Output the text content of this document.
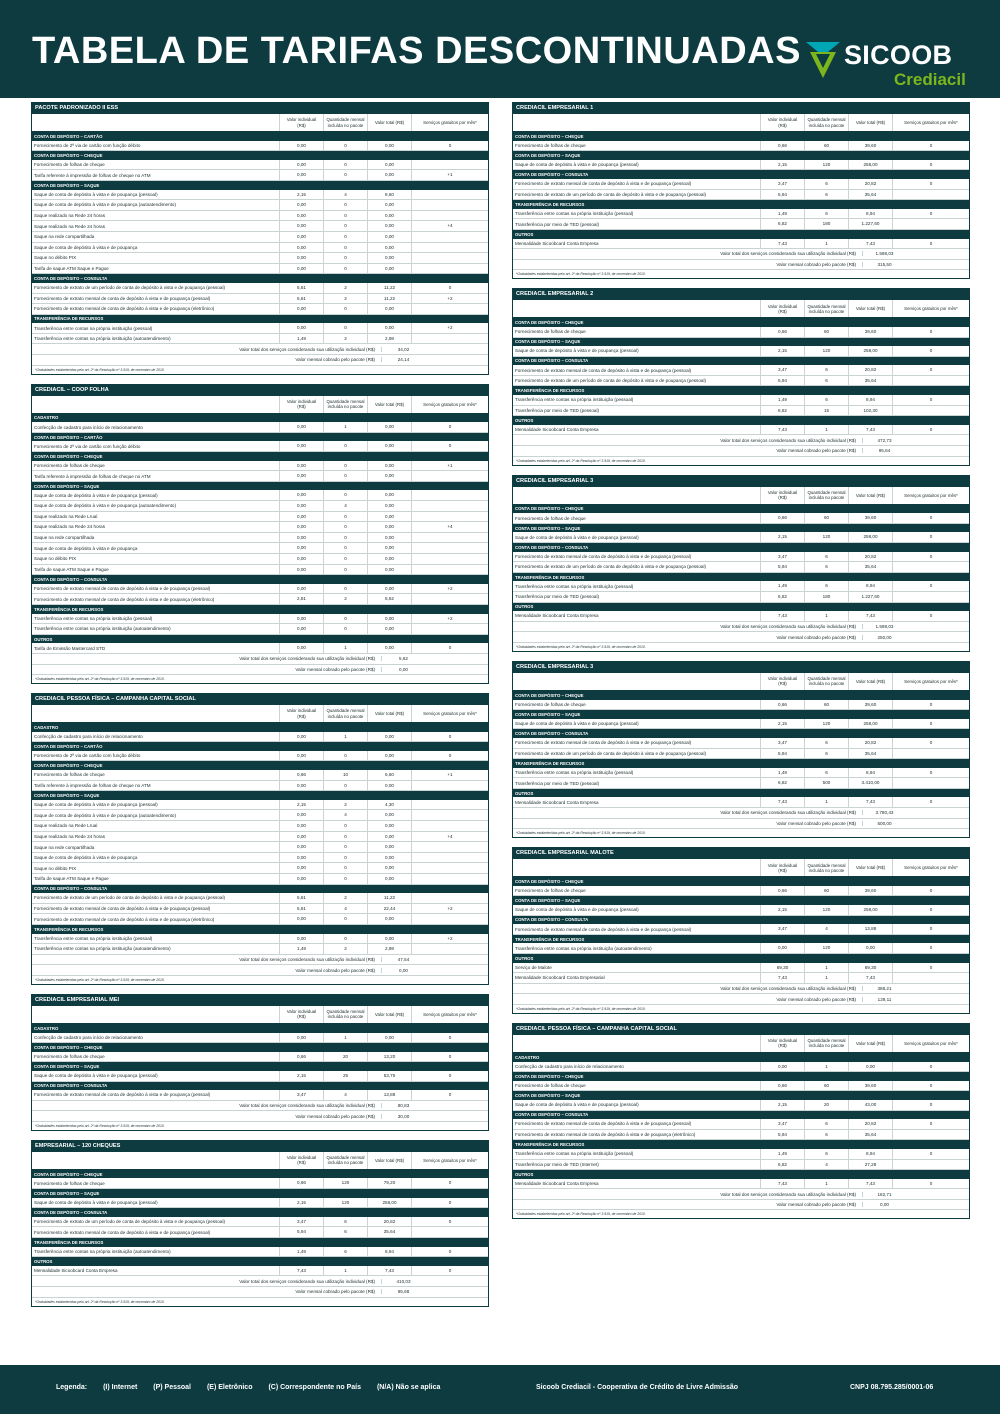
TABELA DE TARIFAS DESCONTINUADAS SICOOB
Crediacil
PACOTE PADRONIZADO II ESS
Valor individual (R$)
Quantidade mensal incluída no pacote
Valor total (R$)	Serviços gratuitos por mês*
CONTA DE DEPÓSITO – CARTÃO
Fornecimento de 2ª via de cartão com função débito	0,00	0	0,00	0
CONTA DE DEPÓSITO – CHEQUE
Fornecimento de folhas de cheque	0,00	0	0,00
Tarifa referente à impressão de folhas de cheque no ATM	0,00	0	0,00	+1
CONTA DE DEPÓSITO – SAQUE
Saque de conta de depósito à vista e de poupança (pessoal)	2,15	4	8,60
Saque de conta de depósito à vista e de poupança (autoatendimento)	0,00	0	0,00
Saque realizado na Rede 24 horas	0,00	0	0,00
Saque realizado na Rede 24 horas	0,00	0	0,00	+4
Saque na rede compartilhada	0,00	0	0,00
Saque de conta de depósito à vista e de poupança	0,00	0	0,00
Saque no débito PIX	0,00	0	0,00
Tarifa de saque ATM Saque e Pague	0,00	0	0,00
CONTA DE DEPÓSITO – CONSULTA
Fornecimento de extrato de um período de conta de depósito à vista e de poupança (pessoal)	5,61	2	11,22	0
Fornecimento de extrato mensal de conta de depósito à vista e de poupança (pessoal)	5,61	2	11,22	+2
Fornecimento de extrato mensal de conta de depósito à vista e de poupança (eletrônico)	0,00	0	0,00
TRANSFERÊNCIA DE RECURSOS
Transferência entre contas na própria instituição (pessoal)	0,00	0	0,00	+2
Transferência entre contas na própria instituição (autoatendimento)	1,49	2	2,98
Valor total dos serviços considerando sua utilização individual (R$)	34,02
Valor mensal cobrado pelo pacote (R$)	24,14
*Gratuidades estabelecidas pelo art. 2º da Resolução nº 3.919, de novembro de 2010.
CREDIACIL – COOP FOLHA
Valor individual (R$)
Quantidade mensal incluída no pacote
Valor total (R$)	Serviços gratuitos por mês*
CADASTRO
Confecção de cadastro para início de relacionamento	0,00	1	0,00	0
CONTA DE DEPÓSITO – CARTÃO
Fornecimento de 2ª via de cartão com função débito	0,00	0	0,00	0
CONTA DE DEPÓSITO – CHEQUE
Fornecimento de folhas de cheque	0,00	0	0,00	+1
Tarifa referente à impressão de folhas de cheque no ATM	0,00	0	0,00
CONTA DE DEPÓSITO – SAQUE
Saque de conta de depósito à vista e de poupança (pessoal)	0,00	0	0,00
Saque de conta de depósito à vista e de poupança (autoatendimento)	0,00	4	0,00
Saque realizado na Rede Lrual	0,00	0	0,00
Saque realizado na Rede 24 horas	0,00	0	0,00	+4
Saque na rede compartilhada	0,00	0	0,00
Saque de conta de depósito à vista e de poupança	0,00	0	0,00
Saque no débito PIX	0,00	0	0,00
Tarifa de saque ATM Saque e Pague	0,00	0	0,00
CONTA DE DEPÓSITO – CONSULTA
Fornecimento de extrato mensal de conta de depósito à vista e de poupança (pessoal)	0,00	0	0,00	+2
Fornecimento de extrato mensal de conta de depósito à vista e de poupança (eletrônico)	2,81	2	5,62
TRANSFERÊNCIA DE RECURSOS
Transferência entre contas na própria instituição (pessoal)	0,00	0	0,00	+2
Transferência entre contas na própria instituição (autoatendimento)	0,00	0	0,00
OUTROS
Tarifa de Emissão Mastercard STD	0,00	1	0,00	0
Valor total dos serviços considerando sua utilização individual (R$)	5,62
Valor mensal cobrado pelo pacote (R$)	0,00
*Gratuidades estabelecidas pelo art. 2º da Resolução nº 3.919, de novembro de 2010.
CREDIACIL PESSOA FÍSICA – CAMPANHA CAPITAL SOCIAL
Valor individual (R$)
Quantidade mensal incluída no pacote
Valor total (R$)	Serviços gratuitos por mês*
CADASTRO
Confecção de cadastro para início de relacionamento	0,00	1	0,00	0
CONTA DE DEPÓSITO – CARTÃO
Fornecimento de 2ª via de cartão com função débito	0,00	0	0,00	0
CONTA DE DEPÓSITO – CHEQUE
Fornecimento de folhas de cheque	0,66	10	6,60	+1
Tarifa referente à impressão de folhas de cheque no ATM	0,00	0	0,00
CONTA DE DEPÓSITO – SAQUE
Saque de conta de depósito à vista e de poupança (pessoal)	2,15	2	4,30
Saque de conta de depósito à vista e de poupança (autoatendimento)	0,00	4	0,00
Saque realizado na Rede Lrual	0,00	0	0,00
Saque realizado na Rede 24 horas	0,00	0	0,00	+4
Saque na rede compartilhada	0,00	0	0,00
Saque de conta de depósito à vista e de poupança	0,00	0	0,00
Saque no débito PIX	0,00	0	0,00
Tarifa de saque ATM Saque e Pague	0,00	0	0,00
CONTA DE DEPÓSITO – CONSULTA
Fornecimento de extrato de um período de conta de depósito à vista e de poupança (pessoal)	5,61	2	11,22
Fornecimento de extrato mensal de conta de depósito à vista e de poupança (pessoal)	5,61	4	22,44	+2
Fornecimento de extrato mensal de conta de depósito à vista e de poupança (eletrônico)	0,00	0	0,00
TRANSFERÊNCIA DE RECURSOS
Transferência entre contas na própria instituição (pessoal)	0,00	0	0,00	+2
Transferência entre contas na própria instituição (autoatendimento)	1,49	2	2,98
Valor total dos serviços considerando sua utilização individual (R$)	47,54
Valor mensal cobrado pelo pacote (R$)	0,00
*Gratuidades estabelecidas pelo art. 2º da Resolução nº 3.919, de novembro de 2010.
CREDIACIL EMPRESARIAL MEI
Valor individual (R$)
Quantidade mensal incluída no pacote
Valor total (R$)	Serviços gratuitos por mês*
CADASTRO
Confecção de cadastro para início de relacionamento	0,00	1	0,00	0
CONTA DE DEPÓSITO – CHEQUE
Fornecimento de folhas de cheque	0,66	20	13,20	0
CONTA DE DEPÓSITO – SAQUE
Saque de conta de depósito à vista e de poupança (pessoal)	2,15	25	53,75	0
CONTA DE DEPÓSITO – CONSULTA
Fornecimento de extrato mensal de conta de depósito à vista e de poupança (pessoal)	3,47	4	13,88	0
Valor total dos serviços considerando sua utilização individual (R$)	80,83
Valor mensal cobrado pelo pacote (R$)	30,00
*Gratuidades estabelecidas pelo art. 2º da Resolução nº 3.919, de novembro de 2010.
EMPRESARIAL – 120 CHEQUES
Valor individual (R$)
Quantidade mensal incluída no pacote
Valor total (R$)	Serviços gratuitos por mês*
CONTA DE DEPÓSITO – CHEQUE
Fornecimento de folhas de cheque	0,66	120	79,20	0
CONTA DE DEPÓSITO – SAQUE
Saque de conta de depósito à vista e de poupança (pessoal)	2,15	120	258,00	0
CONTA DE DEPÓSITO – CONSULTA
Fornecimento de extrato de um período de conta de depósito à vista e de poupança (pessoal)	3,47	6	20,82	0
Fornecimento de extrato mensal de conta de depósito à vista e de poupança (pessoal)	5,94	6	35,64
TRANSFERÊNCIA DE RECURSOS
Transferência entre contas na própria instituição (autoatendimento)	1,49	6	8,94	0
OUTROS
Mensalidade Sicoobcard Conta Empresa	7,43	1	7,43	0
Valor total dos serviços considerando sua utilização individual (R$)	410,03
Valor mensal cobrado pelo pacote (R$)	95,68
*Gratuidades estabelecidas pelo art. 2º da Resolução nº 3.919, de novembro de 2010.
CREDIACIL EMPRESARIAL 1
Valor individual (R$)
Quantidade mensal incluída no pacote
Valor total (R$)	Serviços gratuitos por mês*
CONTA DE DEPÓSITO – CHEQUE
Fornecimento de folhas de cheque	0,66	60	39,60	0
CONTA DE DEPÓSITO – SAQUE
Saque de conta de depósito à vista e de poupança (pessoal)	2,15	120	258,00	0
CONTA DE DEPÓSITO – CONSULTA
Fornecimento de extrato mensal de conta de depósito à vista e de poupança (pessoal)	3,47	6	20,82	0
Fornecimento de extrato de um período de conta de depósito à vista e de poupança (pessoal)	5,94	6	35,64
TRANSFERÊNCIA DE RECURSOS
Transferência entre contas na própria instituição (pessoal)	1,49	6	8,94	0
Transferência por meio de TED (pessoal)	6,82	180	1.227,60
OUTROS
Mensalidade Sicoobcard Conta Empresa	7,43	1	7,43	0
Valor total dos serviços considerando sua utilização individual (R$)	1.598,03
Valor mensal cobrado pelo pacote (R$)	315,50
*Gratuidades estabelecidas pelo art. 2º da Resolução nº 3.919, de novembro de 2010.
CREDIACIL EMPRESARIAL 2
Valor individual (R$)
Quantidade mensal incluída no pacote
Valor total (R$)	Serviços gratuitos por mês*
CONTA DE DEPÓSITO – CHEQUE
Fornecimento de folhas de cheque	0,66	60	39,60	0
CONTA DE DEPÓSITO – SAQUE
Saque de conta de depósito à vista e de poupança (pessoal)	2,15	120	258,00	0
CONTA DE DEPÓSITO – CONSULTA
Fornecimento de extrato mensal de conta de depósito à vista e de poupança (pessoal)	3,47	6	20,82	0
Fornecimento de extrato de um período de conta de depósito à vista e de poupança (pessoal)	5,94	6	35,64
TRANSFERÊNCIA DE RECURSOS
Transferência entre contas na própria instituição (pessoal)	1,49	6	8,94	0
Transferência por meio de TED (pessoal)	6,82	15	102,30
OUTROS
Mensalidade Sicoobcard Conta Empresa	7,43	1	7,43	0
Valor total dos serviços considerando sua utilização individual (R$)	472,73
Valor mensal cobrado pelo pacote (R$)	95,64
*Gratuidades estabelecidas pelo art. 2º da Resolução nº 3.919, de novembro de 2010.
CREDIACIL EMPRESARIAL 3
Valor individual (R$)
Quantidade mensal incluída no pacote
Valor total (R$)	Serviços gratuitos por mês*
CONTA DE DEPÓSITO – CHEQUE
Fornecimento de folhas de cheque	0,66	60	39,60	0
CONTA DE DEPÓSITO – SAQUE
Saque de conta de depósito à vista e de poupança (pessoal)	2,15	120	258,00	0
CONTA DE DEPÓSITO – CONSULTA
Fornecimento de extrato mensal de conta de depósito à vista e de poupança (pessoal)	3,47	6	20,82	0
Fornecimento de extrato de um período de conta de depósito à vista e de poupança (pessoal)	5,94	6	35,64
TRANSFERÊNCIA DE RECURSOS
Transferência entre contas na própria instituição (pessoal)	1,49	6	8,94	0
Transferência por meio de TED (pessoal)	6,82	180	1.227,60
OUTROS
Mensalidade Sicoobcard Conta Empresa	7,43	1	7,43	0
Valor total dos serviços considerando sua utilização individual (R$)	1.598,03
Valor mensal cobrado pelo pacote (R$)	250,00
*Gratuidades estabelecidas pelo art. 2º da Resolução nº 3.919, de novembro de 2010.
CREDIACIL EMPRESARIAL 3
Valor individual (R$)
Quantidade mensal incluída no pacote
Valor total (R$)	Serviços gratuitos por mês*
CONTA DE DEPÓSITO – CHEQUE
Fornecimento de folhas de cheque	0,66	60	39,60	0
CONTA DE DEPÓSITO – SAQUE
Saque de conta de depósito à vista e de poupança (pessoal)	2,15	120	258,00	0
CONTA DE DEPÓSITO – CONSULTA
Fornecimento de extrato mensal de conta de depósito à vista e de poupança (pessoal)	3,47	6	20,82	0
Fornecimento de extrato de um período de conta de depósito à vista e de poupança (pessoal)	5,94	6	35,64
TRANSFERÊNCIA DE RECURSOS
Transferência entre contas na própria instituição (pessoal)	1,49	6	8,94	0
Transferência por meio de TED (pessoal)	6,82	500	3.410,00
OUTROS
Mensalidade Sicoobcard Conta Empresa	7,43	1	7,43	0
Valor total dos serviços considerando sua utilização individual (R$)	3.780,43
Valor mensal cobrado pelo pacote (R$)	500,00
*Gratuidades estabelecidas pelo art. 2º da Resolução nº 3.919, de novembro de 2010.
CREDIACIL EMPRESARIAL MALOTE
Valor individual (R$)
Quantidade mensal incluída no pacote
Valor total (R$)	Serviços gratuitos por mês*
CONTA DE DEPÓSITO – CHEQUE
Fornecimento de folhas de cheque	0,66	60	39,60	0
CONTA DE DEPÓSITO – SAQUE
Saque de conta de depósito à vista e de poupança (pessoal)	2,15	120	258,00	0
CONTA DE DEPÓSITO – CONSULTA
Fornecimento de extrato mensal de conta de depósito à vista e de poupança (pessoal)	3,47	4	13,88	0
TRANSFERÊNCIA DE RECURSOS
Transferência entre contas na própria instituição (autoatendimento)	0,00	120	0,00	0
OUTROS
Serviço de Malote	69,30	1	69,30	0
Mensalidade Sicoobcard Conta Empresarial	7,43	1	7,43
Valor total dos serviços considerando sua utilização individual (R$)	388,21
Valor mensal cobrado pelo pacote (R$)	129,11
*Gratuidades estabelecidas pelo art. 2º da Resolução nº 3.919, de novembro de 2010.
CREDIACIL PESSOA FÍSICA – CAMPANHA CAPITAL SOCIAL
Valor individual (R$)
Quantidade mensal incluída no pacote
Valor total (R$)	Serviços gratuitos por mês*
CADASTRO
Confecção de cadastro para início de relacionamento	0,00	1	0,00	0
CONTA DE DEPÓSITO – CHEQUE
Fornecimento de folhas de cheque	0,66	60	39,60	0
CONTA DE DEPÓSITO – SAQUE
Saque de conta de depósito à vista e de poupança (pessoal)	2,15	20	43,00	0
CONTA DE DEPÓSITO – CONSULTA
Fornecimento de extrato mensal de conta de depósito à vista e de poupança (pessoal)	3,47	6	20,82	0
Fornecimento de extrato mensal de conta de depósito à vista e de poupança (eletrônico)	5,94	6	35,64
TRANSFERÊNCIA DE RECURSOS
Transferência entre contas na própria instituição (pessoal)	1,49	6	8,94	0
Transferência por meio de TED (Internet)	6,82	4	27,28
OUTROS
Mensalidade Sicoobcard Conta Empresa	7,43	1	7,43	0
Valor total dos serviços considerando sua utilização individual (R$)	182,71
Valor mensal cobrado pelo pacote (R$)	0,00
*Gratuidades estabelecidas pelo art. 2º da Resolução nº 3.919, de novembro de 2010.
Legenda: (I) Internet (P) Pessoal (E) Eletrônico (C) Correspondente no País (N/A) Não se aplica	Sicoob Crediacil - Cooperativa de Crédito de Livre Admissão	CNPJ 08.795.285/0001-06
